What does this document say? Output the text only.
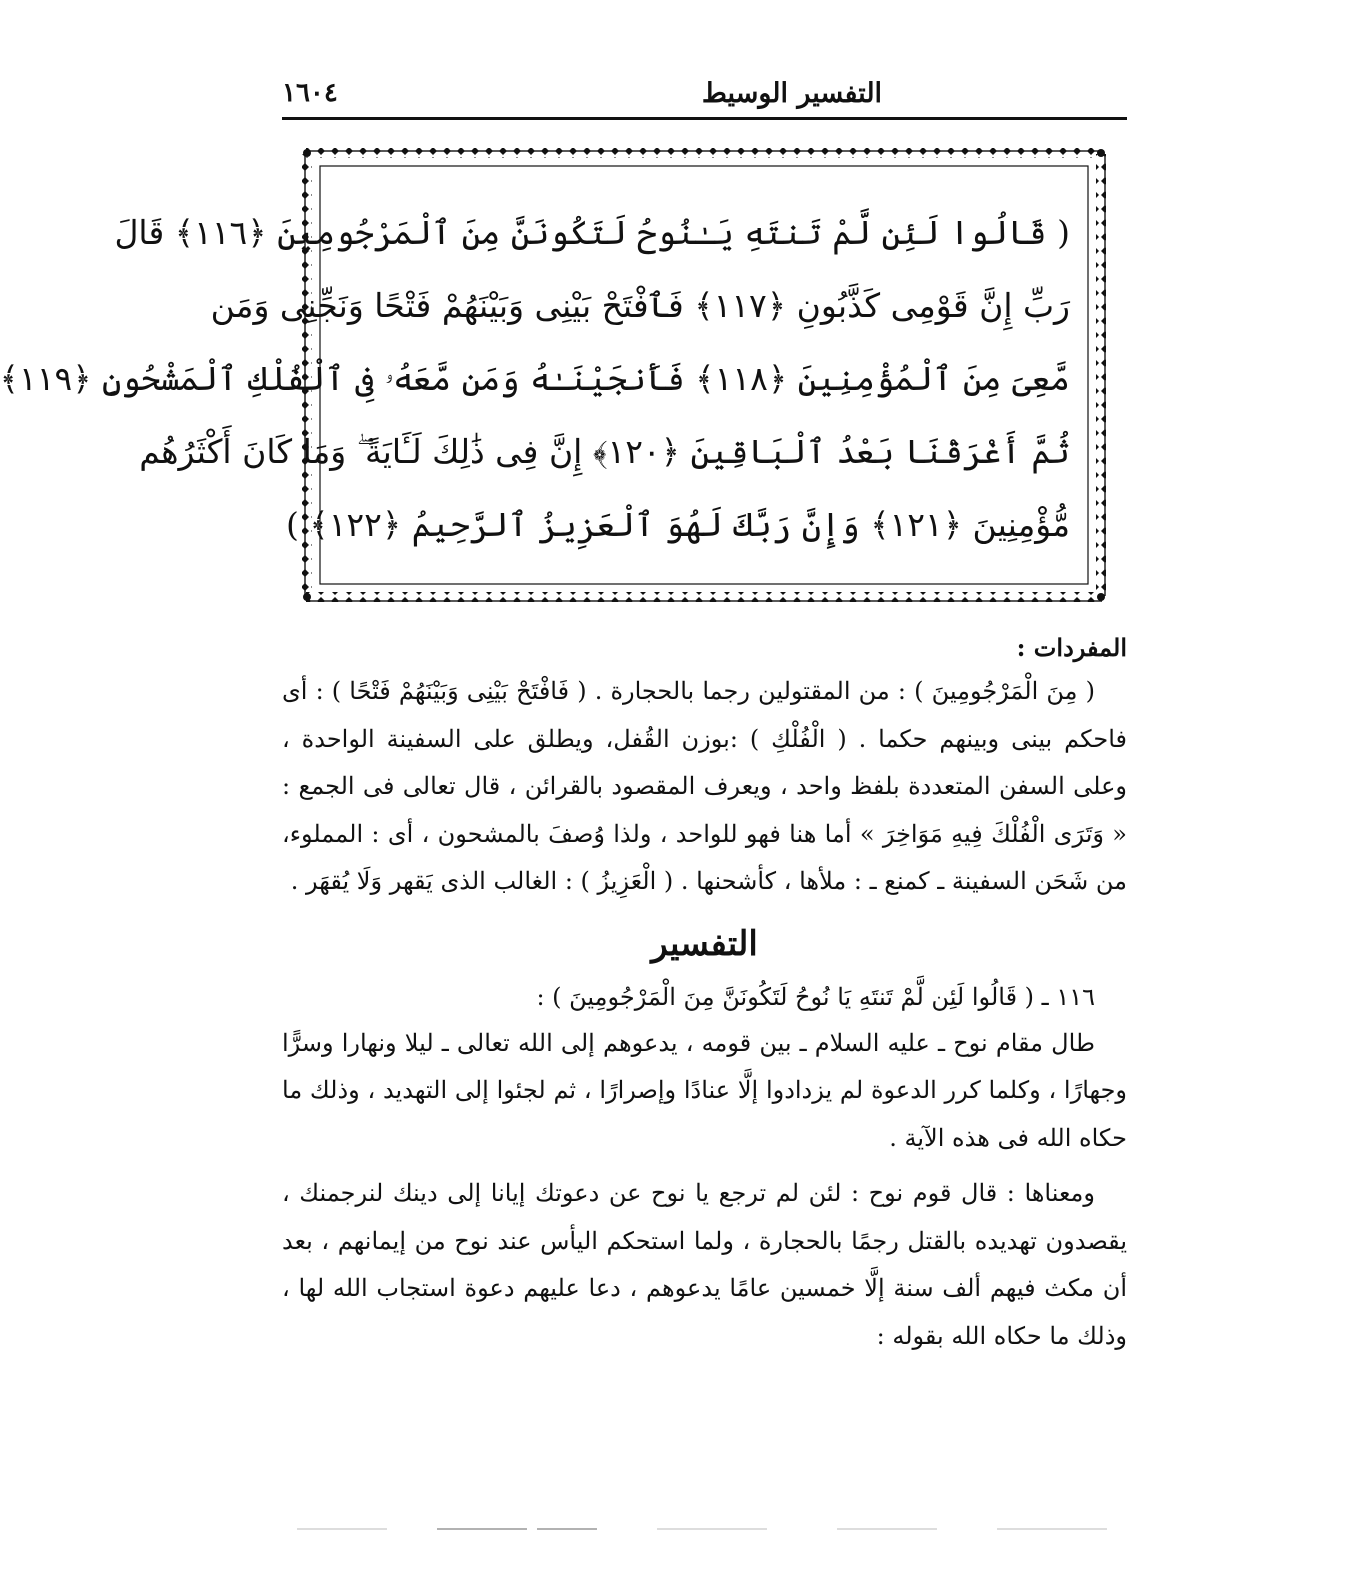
التفسير الوسيط
١٦٠٤
( قَالُوا لَئِن لَّمْ تَنتَهِ يَـٰنُوحُ لَتَكُونَنَّ مِنَ ٱلْمَرْجُومِينَ ﴿١١٦﴾ قَالَ
رَبِّ إِنَّ قَوْمِى كَذَّبُونِ ﴿١١٧﴾ فَٱفْتَحْ بَيْنِى وَبَيْنَهُمْ فَتْحًا وَنَجِّنِى وَمَن
مَّعِىَ مِنَ ٱلْمُؤْمِنِينَ ﴿١١٨﴾ فَأَنجَيْنَـٰهُ وَمَن مَّعَهُۥ فِى ٱلْفُلْكِ ٱلْمَشْحُونِ ﴿١١٩﴾
ثُمَّ أَغْرَقْنَا بَعْدُ ٱلْبَاقِينَ ﴿١٢٠﴾ إِنَّ فِى ذَٰلِكَ لَـَٔايَةً ۖ وَمَا كَانَ أَكْثَرُهُم
مُّؤْمِنِينَ ﴿١٢١﴾ وَإِنَّ رَبَّكَ لَهُوَ ٱلْعَزِيزُ ٱلرَّحِيمُ ﴿١٢٢﴾ )
المفردات :

( مِنَ الْمَرْجُومِينَ ) : من المقتولين رجما بالحجارة . ( فَافْتَحْ بَيْنِى وَبَيْنَهُمْ فَتْحًا ) : أى فاحكم بينى وبينهم حكما . ( الْفُلْكِ ) :بوزن القُفل، ويطلق على السفينة الواحدة ، وعلى السفن المتعددة بلفظ واحد ، ويعرف المقصود بالقرائن ، قال تعالى فى الجمع : « وَتَرَى الْفُلْكَ فِيهِ مَوَاخِرَ » أما هنا فهو للواحد ، ولذا وُصفَ بالمشحون ، أى : المملوء، من شَحَن السفينة ـ كمنع ـ : ملأها ، كأشحنها . ( الْعَزِيزُ ) : الغالب الذى يَقهر وَلَا يُقهَر .

التفسير

١١٦ ـ ( قَالُوا لَئِن لَّمْ تَنتَهِ يَا نُوحُ لَتَكُونَنَّ مِنَ الْمَرْجُومِينَ ) :

طال مقام نوح ـ عليه السلام ـ بين قومه ، يدعوهم إلى الله تعالى ـ ليلا ونهارا وسرًّا وجهارًا ، وكلما كرر الدعوة لم يزدادوا إلَّا عنادًا وإصرارًا ، ثم لجئوا إلى التهديد ، وذلك ما حكاه الله فى هذه الآية .

ومعناها : قال قوم نوح : لئن لم ترجع يا نوح عن دعوتك إيانا إلى دينك لنرجمنك ، يقصدون تهديده بالقتل رجمًا بالحجارة ، ولما استحكم اليأس عند نوح من إيمانهم ، بعد أن مكث فيهم ألف سنة إلَّا خمسين عامًا يدعوهم ، دعا عليهم دعوة استجاب الله لها ، وذلك ما حكاه الله بقوله :
